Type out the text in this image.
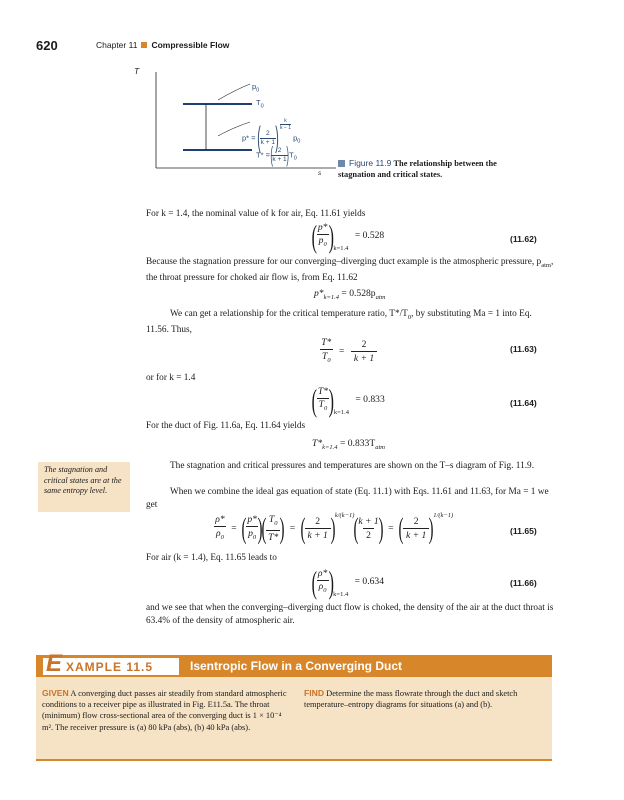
620	Chapter 11 Compressible Flow
T
s
$p_0$
$T_0$
p* = ( $\frac{2}{k + 1}$ ) $\frac{k}{k - 1}$
$p_0$
T* = (
$\frac{2}{k + 1}$
) $T_0$	Figure 11.9 The relationship between the stagnation and critical states.
For k = 1.4, the nominal value of k for air, Eq. 11.61 yields
( $\frac{p*}{p_0} )_{k=1.4} = 0.528$	(11.62)
Because the stagnation pressure for our converging–diverging duct example is the atmospheric pressure, $p_{atm}$, the throat pressure for choked air flow is, from Eq. 11.62
$p*_{k=1.4} = 0.528p_{atm}$
We can get a relationship for the critical temperature ratio, $T*/T_0$, by substituting Ma = 1 into Eq. 11.56. Thus,
$\frac{T*}{T_0} = \frac{2}{k + 1}$	(11.63)
or for k = 1.4
( $\frac{T*}{T_0} )_{k=1.4} = 0.833$	(11.64)
For the duct of Fig. 11.6a, Eq. 11.64 yields
$T*_{k=1.4} = 0.833T_{atm}$
The stagnation and critical states are at the same entropy level.
The stagnation and critical pressures and temperatures are shown on the T–s diagram of Fig. 11.9.
When we combine the ideal gas equation of state (Eq. 11.1) with Eqs. 11.61 and 11.63, for Ma = 1 we get
$\frac{\rho*}{\rho_0}$ = ( $\frac{p*}{p_0}$ )( $\frac{T_0}{T*}$ ) = ( $\frac{2}{k + 1} )^{k/(k-1)}( \frac{k + 1}{2}$ ) = ( $\frac{2}{k + 1} )^{1/(k-1)}$
(11.65)
For air (k = 1.4), Eq. 11.65 leads to
( $\frac{\rho*}{\rho_0} )_{k=1.4} = 0.634$	(11.66)
and we see that when the converging–diverging duct flow is choked, the density of the air at the duct throat is 63.4% of the density of atmospheric air.
E XAMPLE 11.5	Isentropic Flow in a Converging Duct
GIVEN A converging duct passes air steadily from standard atmospheric conditions to a receiver pipe as illustrated in Fig. E11.5a. The throat (minimum) flow cross-sectional area of the converging duct is 1 × 10⁻⁴ m². The receiver pressure is (a) 80 kPa (abs), (b) 40 kPa (abs).
FIND Determine the mass flowrate through the duct and sketch temperature–entropy diagrams for situations (a) and (b).
